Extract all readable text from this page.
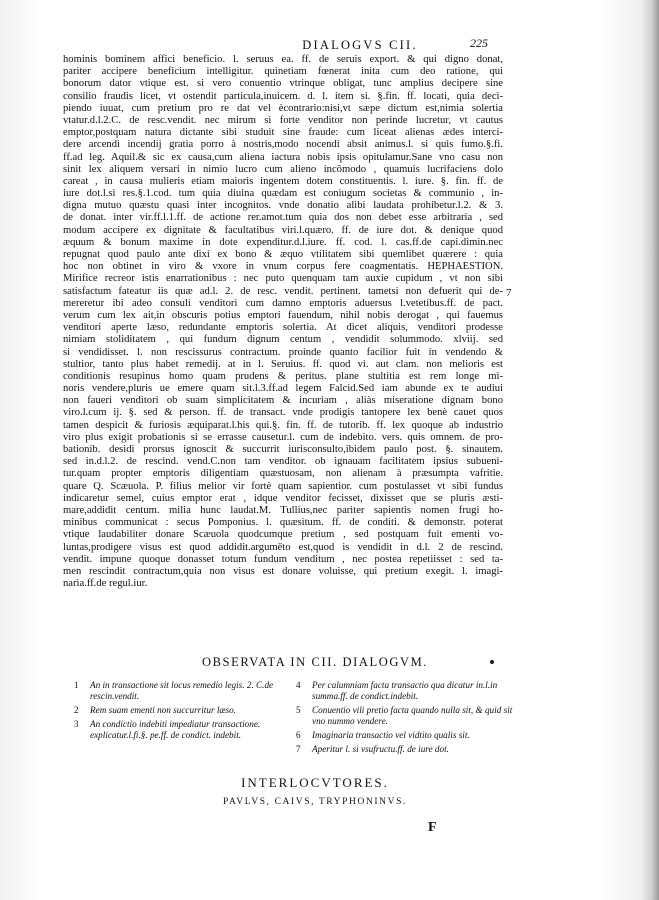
DIALOGVS CII.	225
hominis bominem affici beneficio. l. seruus ea. ff. de seruis export. & qui digno donat,
pariter accipere beneficium intelligitur. quinetiam fœnerat inita cum deo ratione, qui
bonorum dator vtique est. si vero conuentio vtrinque obligat, tunc amplius decipere sine
consilio fraudis licet, vt ostendit particula,inuicem. d. l. item si. §.fin. ff. locati, quia deci-
piendo iuuat, cum pretium pro re dat vel ècontrario:nisi,vt sæpe dictum est,nimia solertia
vtatur.d.l.2.C. de resc.vendit. nec mirum si forte venditor non perinde lucretur, vt cautus
emptor,postquam natura dictante sibi studuit sine fraude: cum liceat alienas ædes interci-
dere arcendi incendij gratia porro à nostris,modo nocendi absit animus.l. si quis fumo.§.fi.
ff.ad leg. Aquil.& sic ex causa,cum aliena iactura nobis ipsis opitulamur.Sane vno casu non
sinit lex aliquem versari in nimio lucro cum alieno incômodo , quamuis lucrifaciens dolo
careat , in causa mulieris etiam maioris ingentem dotem constituentis. l. iure. §. fin. ff. de
iure dot.l.si res.§.1.cod. tum quia diuina quædam est coniugum societas & communio , in-
digna mutuo quæstu quasi inter incognitos. vnde donatio alibi laudata prohibetur.l.2. & 3.
de donat. inter vir.ff.l.1.ff. de actione rer.amot.tum quia dos non debet esse arbitraria , sed
modum accipere ex dignitate & facultatibus viri.l.quæro. ff. de iure dot. & denique quod
æquum & bonum maxime in dote expenditur.d.l.iure. ff. cod. l. cas.ff.de capi.dimin.nec
repugnat quod paulo ante dixi ex bono & æquo vtilitatem sibi quemlibet quærere : quia
hoc non obtinet in viro & vxore in vnum corpus fere coagmentatis. HEPHAESTION.
Mirifice recreor istis enarrationibus : nec puto quenquam tam auxie cupidum , vt non sibi
satisfactum fateatur iis quæ ad.l. 2. de resc. vendit. pertinent. tametsi non defuerit qui de-
mereretur ibi adeo consuli venditori cum damno emptoris aduersus l.vetetibus.ff. de pact.
verum cum lex ait,in obscuris potius emptori fauendum, nihil nobis derogat , qui fauemus
venditori aperte læso, redundante emptoris solertia. At dicet aliquis, venditori prodesse
nimiam stoliditatem , qui fundum dignum centum , vendidit solummodo. xlviij. sed
si vendidisset. l. non rescissurus contractum. proinde quanto facilior fuit in vendendo &
stultior, tanto plus habet remedij. at in l. Seruius. ff. quod vi. aut clam. non melioris est
conditionis resupinus homo quam prudens & peritus. plane stultitia est rem longe mi-
noris vendere,pluris ue emere quam sit.l.3.ff.ad legem Falcid.Sed iam abunde ex te audiui
non faueri venditori ob suam simplicitatem & incuriam , aliàs miseratione dignam bono
viro.l.cum ij. §. sed & person. ff. de transact. vnde prodigis tantopere lex benè cauet quos
tamen despicit & furiosis æquiparat.l.his qui.§. fin. ff. de tutorib. ff. lex quoque ab industrio
viro plus exigit probationis si se errasse causetur.l. cum de indebito. vers. quis omnem. de pro-
bationib. desidi prorsus ignoscit & succurrit iurisconsulto,ibidem paulo post. §. sinautem.
sed in.d.l.2. de rescind. vend.C.non tam venditor. ob ignauam facilitatem ipsius subueni-
tur.quam propter emptoris diligentiam quæstuosam, non alienam à præsumpta vafritie.
quare Q. Scæuola. P. filius melior vir fortè quam sapientior. cum postulasset vt sibi fundus
indicaretur semel, cuius emptor erat , idque venditor fecisset, dixisset que se pluris æsti-
mare,addidit centum. milia hunc laudat.M. Tullius,nec pariter sapientis nomen frugi ho-
minibus communicat : secus Pomponius. l. quæsitum. ff. de conditi. & demonstr. poterat
vtique laudabiliter donare Scæuola quodcumque pretium , sed postquam fuit ementi vo-
luntas,prodigere visus est quod addidit.argumēto est,quod is vendidit in d.l. 2 de rescind.
vendit. impune quoque donasset totum fundum venditum , nec postea repetiisset : sed ta-
men rescindit contractum,quia non visus est donare voluisse, qui pretium exegit. l. imagi-
naria.ff.de regul.iur.
7
OBSERVATA IN CII. DIALOGVM.
1 An in transactione sit locus remedio legis. 2. C.de rescin.vendit.
2 Rem suam ementi non succurritur læso.
3 An condictio indebiti impediatur transactione. explicatur.l.fi.§. pe.ff. de condict. indebit.
4 Per calumniam facta transactio qua dicatur in.l.in summa.ff. de condict.indebit.
5 Conuentio vili pretio facta quando nulla sit, & quid sit vno nummo vendere.
6 Imaginaria transactio vel vidtito qualis sit.
7 Aperitur l. si vsufructu.ff. de iure dot.
INTERLOCVTORES.
PAVLVS, CAIVS, TRYPHONINVS.
F
